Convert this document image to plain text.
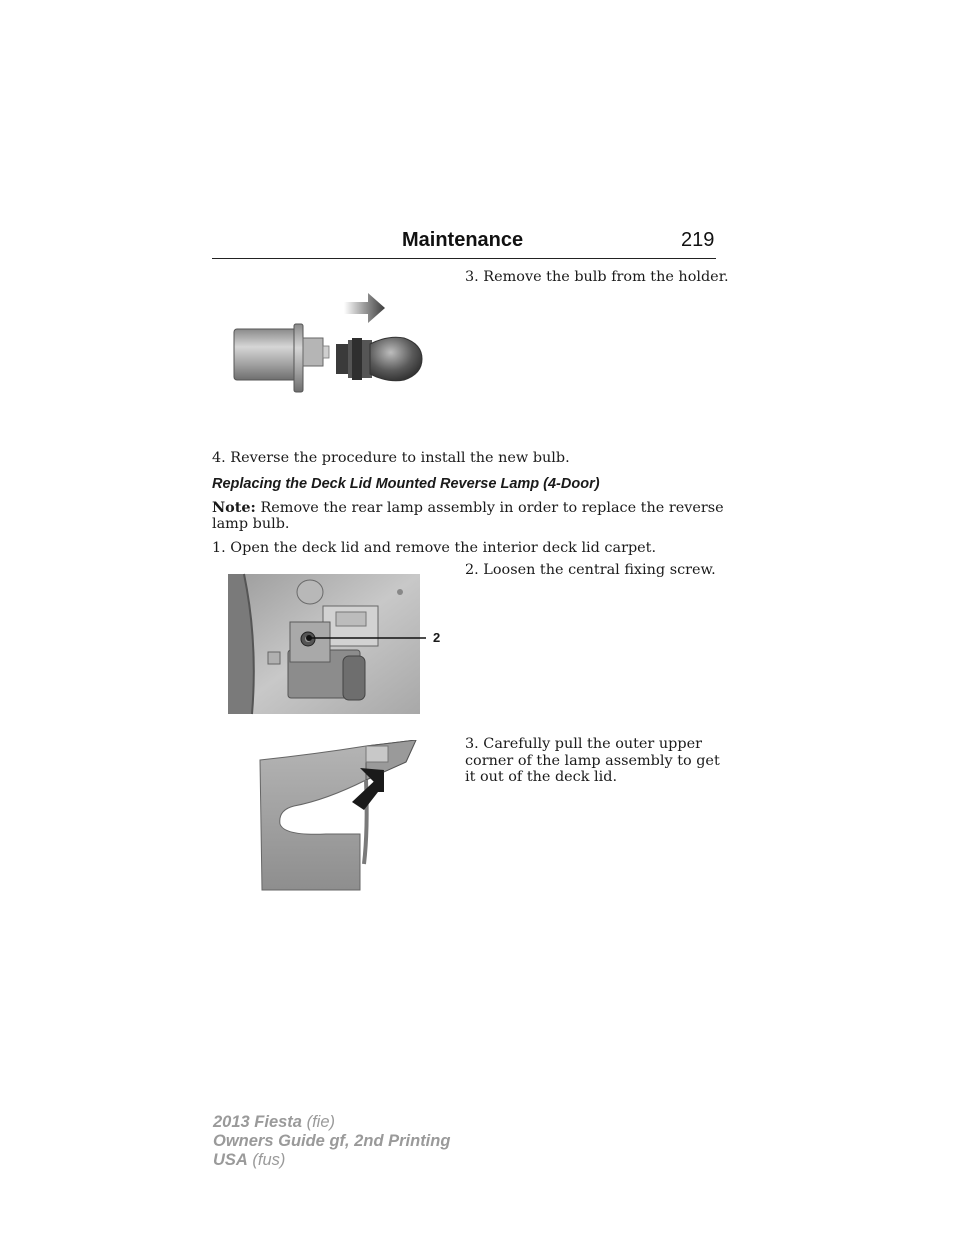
Maintenance	219
3. Remove the bulb from the holder.
4. Reverse the procedure to install the new bulb.
Replacing the Deck Lid Mounted Reverse Lamp (4-Door)
Note: Remove the rear lamp assembly in order to replace the reverse
lamp bulb.
1. Open the deck lid and remove the interior deck lid carpet.
2
2. Loosen the central fixing screw.
3. Carefully pull the outer upper
corner of the lamp assembly to get
it out of the deck lid.
2013 Fiesta (fie)
Owners Guide gf, 2nd Printing
USA (fus)
